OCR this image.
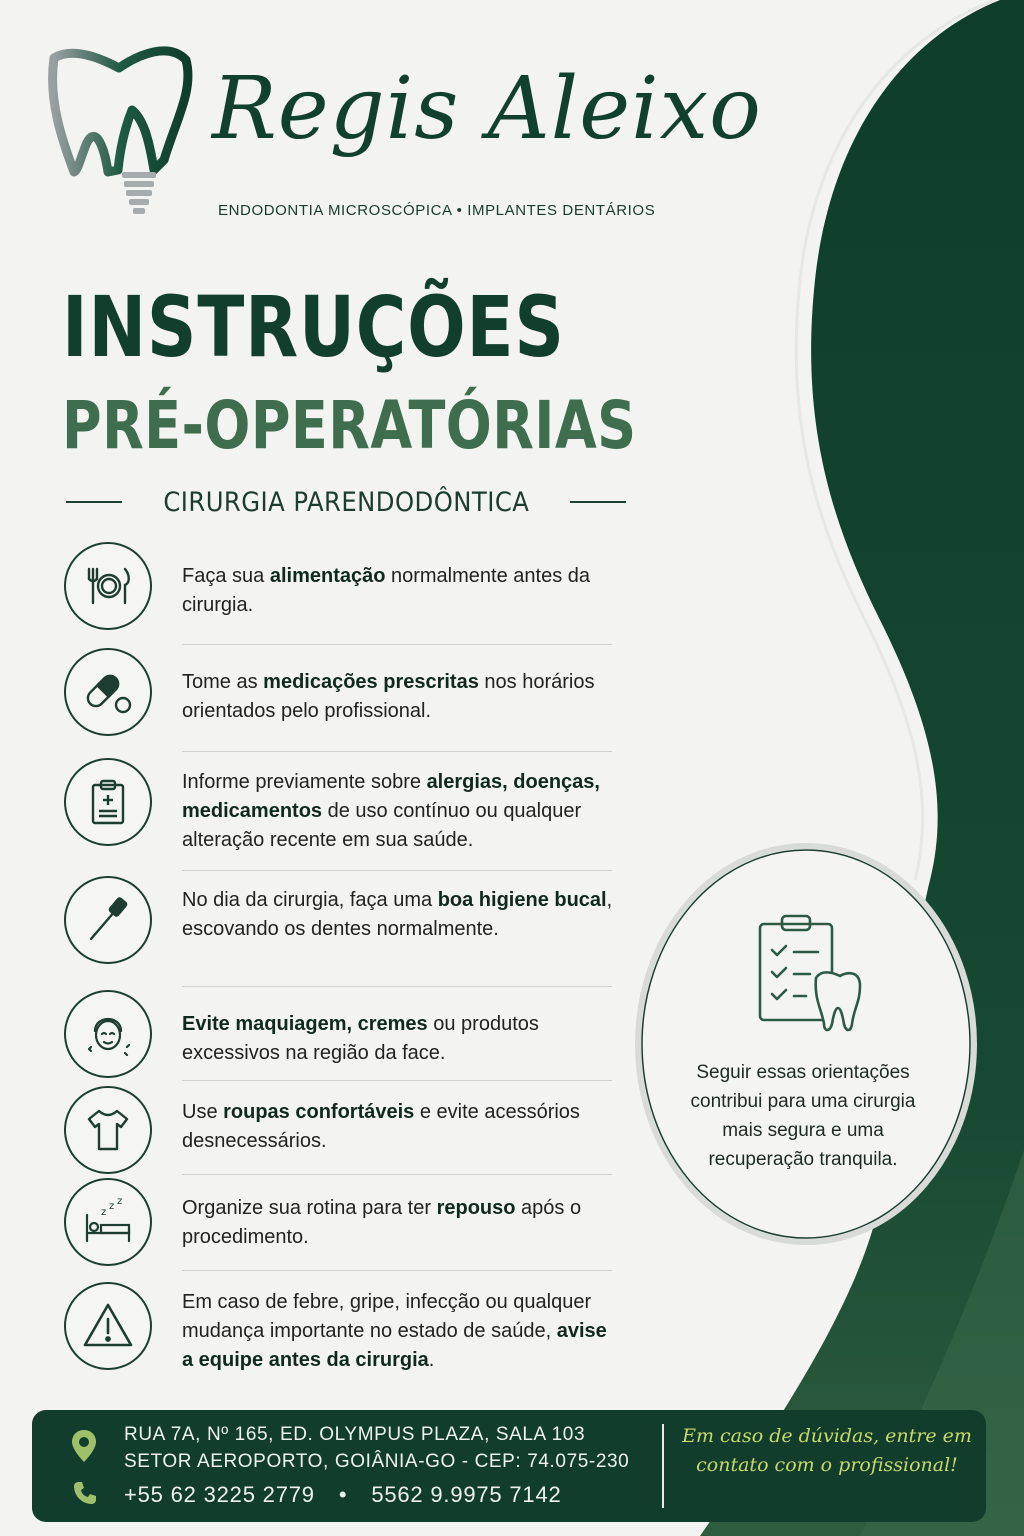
Regis Aleixo
ENDODONTIA MICROSCÓPICA • IMPLANTES DENTÁRIOS
INSTRUÇÕES
PRÉ-OPERATÓRIAS
CIRURGIA PARENDODÔNTICA
Faça sua alimentação normalmente antes da cirurgia.
Tome as medicações prescritas nos horários orientados pelo profissional.
Informe previamente sobre alergias, doenças, medicamentos de uso contínuo ou qualquer alteração recente em sua saúde.
No dia da cirurgia, faça uma boa higiene bucal, escovando os dentes normalmente.
Evite maquiagem, cremes ou produtos excessivos na região da face.
Use roupas confortáveis e evite acessórios desnecessários.
z
z z	Organize sua rotina para ter repouso após o procedimento.
Em caso de febre, gripe, infecção ou qualquer mudança importante no estado de saúde, avise a equipe antes da cirurgia.
Seguir essas orientações contribui para uma cirurgia mais segura e uma recuperação tranquila.
RUA 7A, Nº 165, ED. OLYMPUS PLAZA, SALA 103
SETOR AEROPORTO, GOIÂNIA-GO - CEP: 74.075-230
+55 62 3225 2779 • 5562 9.9975 7142
Em caso de dúvidas, entre em contato com o profissional!
